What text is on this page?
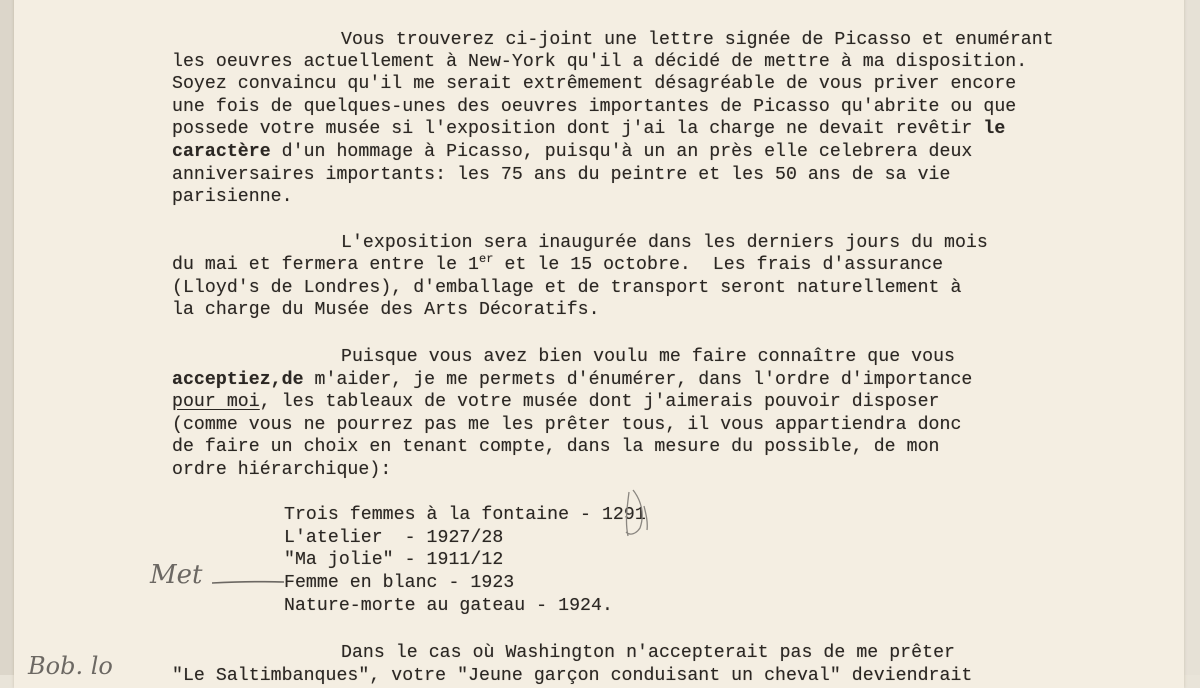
Vous trouverez ci-joint une lettre signée de Picasso et enumérant
les oeuvres actuellement à New-York qu'il a décidé de mettre à ma disposition.
Soyez convaincu qu'il me serait extrêmement désagréable de vous priver encore
une fois de quelques-unes des oeuvres importantes de Picasso qu'abrite ou que
possede votre musée si l'exposition dont j'ai la charge ne devait revêtir le
caractère d'un hommage à Picasso, puisqu'à un an près elle celebrera deux
anniversaires importants: les 75 ans du peintre et les 50 ans de sa vie
parisienne.
L'exposition sera inaugurée dans les derniers jours du mois
du mai et fermera entre le 1er et le 15 octobre.  Les frais d'assurance
(Lloyd's de Londres), d'emballage et de transport seront naturellement à
la charge du Musée des Arts Décoratifs.
Puisque vous avez bien voulu me faire connaître que vous
acceptiez,de m'aider, je me permets d'énumérer, dans l'ordre d'importance
pour moi, les tableaux de votre musée dont j'aimerais pouvoir disposer
(comme vous ne pourrez pas me les prêter tous, il vous appartiendra donc
de faire un choix en tenant compte, dans la mesure du possible, de mon
ordre hiérarchique):
Trois femmes à la fontaine - 1291
L'atelier  - 1927/28
"Ma jolie" - 1911/12
Femme en blanc - 1923
Nature-morte au gateau - 1924.
Dans le cas où Washington n'accepterait pas de me prêter
"Le Saltimbanques", votre "Jeune garçon conduisant un cheval" deviendrait
Met
Bob. lo
